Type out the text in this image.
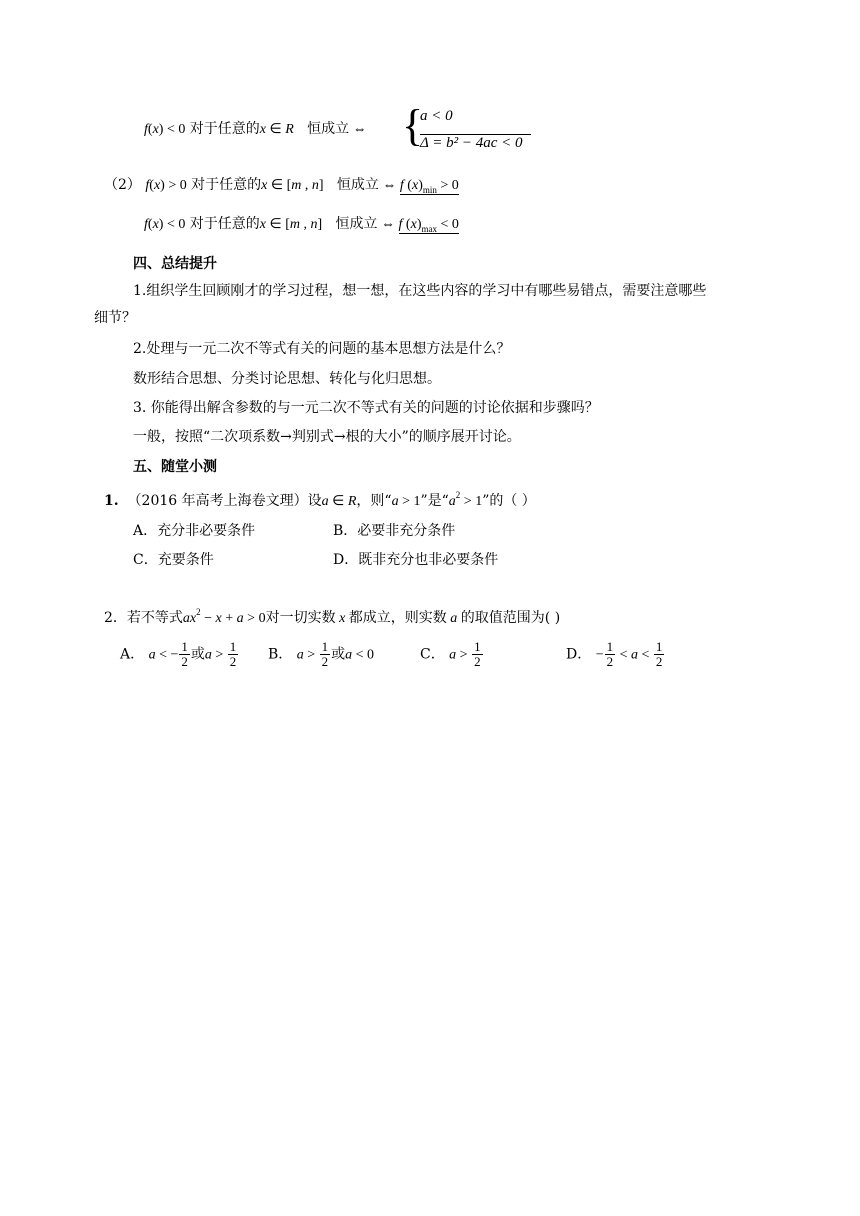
f(x) < 0 对于任意的x ∈ R 恒成立 ⇔ {
a < 0
Δ = b² − 4ac < 0
（2） f(x) > 0 对于任意的x ∈ [m , n] 恒成立 ⇔ f $(x)_{min} > 0$
f(x) < 0 对于任意的x ∈ [m , n] 恒成立 ⇔ f $(x)_{max} < 0$
四、总结提升
1.组织学生回顾刚才的学习过程，想一想，在这些内容的学习中有哪些易错点，需要注意哪些
细节？
2.处理与一元二次不等式有关的问题的基本思想方法是什么？
数形结合思想、分类讨论思想、转化与化归思想。
3. 你能得出解含参数的与一元二次不等式有关的问题的讨论依据和步骤吗？
一般，按照“二次项系数→判别式→根的大小”的顺序展开讨论。
五、随堂小测
1. （2016 年高考上海卷文理）设a ∈ R，则“a > 1”是“$a^2 > 1$”的（ ）
A．充分非必要条件	B．必要非充分条件
C．充要条件	D．既非充分也非必要条件
2．若不等式$ax^2 - x + a > 0$对一切实数 x 都成立，则实数 a 的取值范围为( )
A． a < − $\frac{1}{2}$ 或$a > \frac{1}{2}$ B． $a > \frac{1}{2}$ 或a < 0	C． $a > \frac{1}{2}$	D． − $\frac{1}{2} < a < \frac{1}{2}$
